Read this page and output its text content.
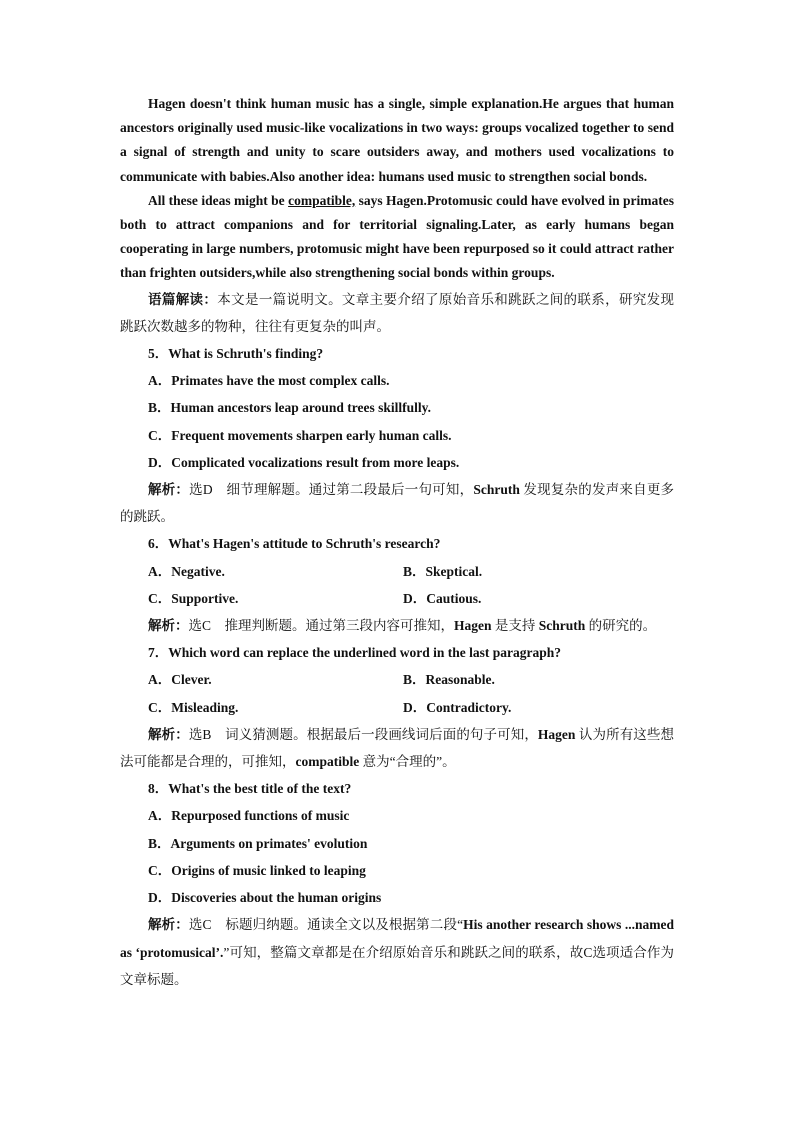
Hagen doesn't think human music has a single, simple explanation.He argues that human ancestors originally used music-like vocalizations in two ways: groups vocalized together to send a signal of strength and unity to scare outsiders away, and mothers used vocalizations to communicate with babies.Also another idea: humans used music to strengthen social bonds.

All these ideas might be compatible, says Hagen.Protomusic could have evolved in primates both to attract companions and for territorial signaling.Later, as early humans began cooperating in large numbers, protomusic might have been repurposed so it could attract rather than frighten outsiders,while also strengthening social bonds within groups.

语篇解读：本文是一篇说明文。文章主要介绍了原始音乐和跳跃之间的联系，研究发现跳跃次数越多的物种，往往有更复杂的叫声。

5．What is Schruth's finding?

A．Primates have the most complex calls.

B．Human ancestors leap around trees skillfully.

C．Frequent movements sharpen early human calls.

D．Complicated vocalizations result from more leaps.

解析：选D　细节理解题。通过第二段最后一句可知，Schruth 发现复杂的发声来自更多的跳跃。

6．What's Hagen's attitude to Schruth's research?

A．Negative.	B．Skeptical.
C．Supportive.	D．Cautious.

解析：选C　推理判断题。通过第三段内容可推知，Hagen 是支持 Schruth 的研究的。

7．Which word can replace the underlined word in the last paragraph?

A．Clever.	B．Reasonable.
C．Misleading.	D．Contradictory.

解析：选B　词义猜测题。根据最后一段画线词后面的句子可知，Hagen 认为所有这些想法可能都是合理的，可推知，compatible 意为“合理的”。

8．What's the best title of the text?

A．Repurposed functions of music

B．Arguments on primates' evolution

C．Origins of music linked to leaping

D．Discoveries about the human origins

解析：选C　标题归纳题。通读全文以及根据第二段“His another research shows ...named as ‘protomusical’.”可知，整篇文章都是在介绍原始音乐和跳跃之间的联系，故C选项适合作为文章标题。
